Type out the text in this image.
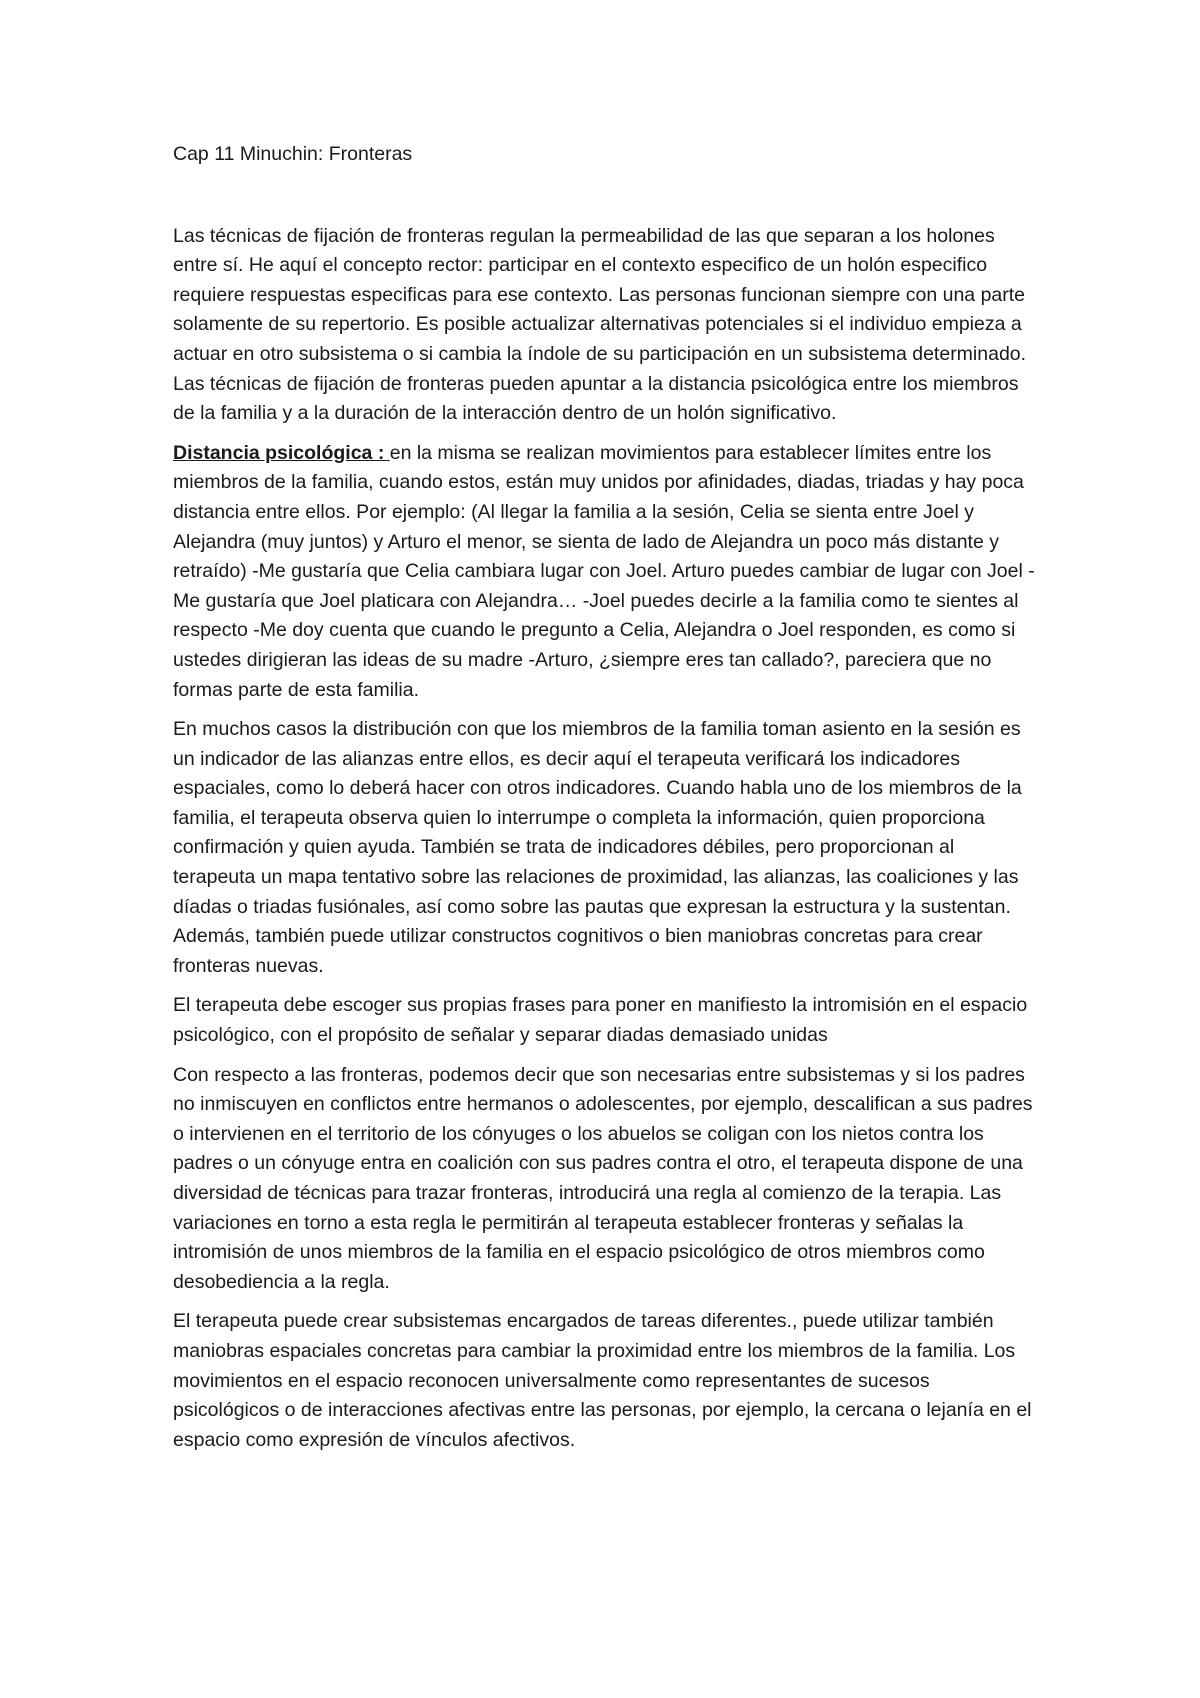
Cap 11 Minuchin: Fronteras

Las técnicas de fijación de fronteras regulan la permeabilidad de las que separan a los holones entre sí. He aquí el concepto rector: participar en el contexto especifico de un holón especifico requiere respuestas especificas para ese contexto. Las personas funcionan siempre con una parte solamente de su repertorio. Es posible actualizar alternativas potenciales si el individuo empieza a actuar en otro subsistema o si cambia la índole de su participación en un subsistema determinado. Las técnicas de fijación de fronteras pueden apuntar a la distancia psicológica entre los miembros de la familia y a la duración de la interacción dentro de un holón significativo.

Distancia psicológica : en la misma se realizan movimientos para establecer límites entre los miembros de la familia, cuando estos, están muy unidos por afinidades, diadas, triadas y hay poca distancia entre ellos. Por ejemplo: (Al llegar la familia a la sesión, Celia se sienta entre Joel y Alejandra (muy juntos) y Arturo el menor, se sienta de lado de Alejandra un poco más distante y retraído) -Me gustaría que Celia cambiara lugar con Joel. Arturo puedes cambiar de lugar con Joel -Me gustaría que Joel platicara con Alejandra… -Joel puedes decirle a la familia como te sientes al respecto -Me doy cuenta que cuando le pregunto a Celia, Alejandra o Joel responden, es como si ustedes dirigieran las ideas de su madre -Arturo, ¿siempre eres tan callado?, pareciera que no formas parte de esta familia.

En muchos casos la distribución con que los miembros de la familia toman asiento en la sesión es un indicador de las alianzas entre ellos, es decir aquí el terapeuta verificará los indicadores espaciales, como lo deberá hacer con otros indicadores. Cuando habla uno de los miembros de la familia, el terapeuta observa quien lo interrumpe o completa la información, quien proporciona confirmación y quien ayuda. También se trata de indicadores débiles, pero proporcionan al terapeuta un mapa tentativo sobre las relaciones de proximidad, las alianzas, las coaliciones y las díadas o triadas fusiónales, así como sobre las pautas que expresan la estructura y la sustentan. Además, también puede utilizar constructos cognitivos o bien maniobras concretas para crear fronteras nuevas.

El terapeuta debe escoger sus propias frases para poner en manifiesto la intromisión en el espacio psicológico, con el propósito de señalar y separar diadas demasiado unidas

Con respecto a las fronteras, podemos decir que son necesarias entre subsistemas y si los padres no inmiscuyen en conflictos entre hermanos o adolescentes, por ejemplo, descalifican a sus padres o intervienen en el territorio de los cónyuges o los abuelos se coligan con los nietos contra los padres o un cónyuge entra en coalición con sus padres contra el otro, el terapeuta dispone de una diversidad de técnicas para trazar fronteras, introducirá una regla al comienzo de la terapia. Las variaciones en torno a esta regla le permitirán al terapeuta establecer fronteras y señalas la intromisión de unos miembros de la familia en el espacio psicológico de otros miembros como desobediencia a la regla.

El terapeuta puede crear subsistemas encargados de tareas diferentes., puede utilizar también maniobras espaciales concretas para cambiar la proximidad entre los miembros de la familia. Los movimientos en el espacio reconocen universalmente como representantes de sucesos psicológicos o de interacciones afectivas entre las personas, por ejemplo, la cercana o lejanía en el espacio como expresión de vínculos afectivos.
